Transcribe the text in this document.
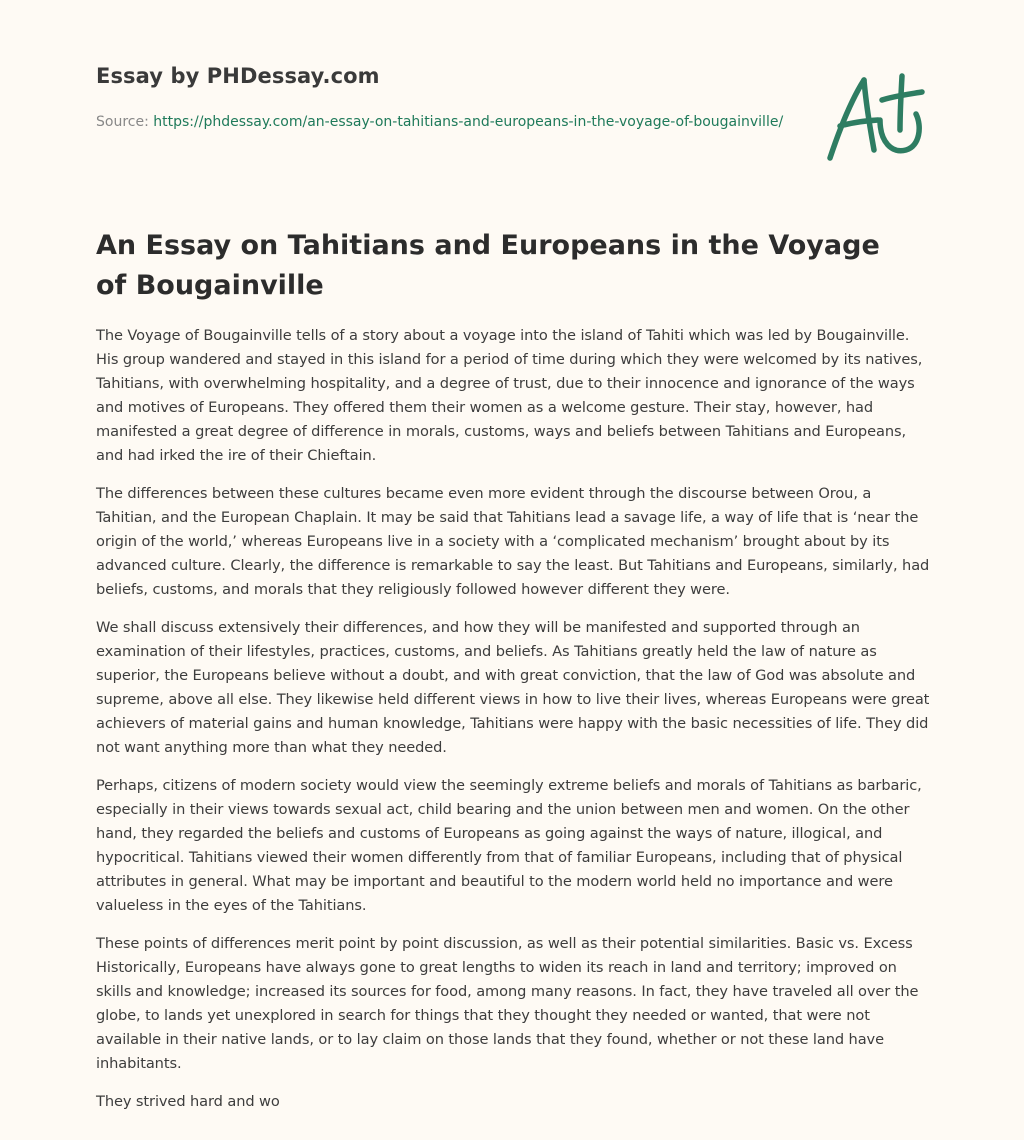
Essay by PHDessay.com
Source: https://phdessay.com/an-essay-on-tahitians-and-europeans-in-the-voyage-of-bougainville/
An Essay on Tahitians and Europeans in the Voyage of Bougainville

The Voyage of Bougainville tells of a story about a voyage into the island of Tahiti which was led by Bougainville. His group wandered and stayed in this island for a period of time during which they were welcomed by its natives, Tahitians, with overwhelming hospitality, and a degree of trust, due to their innocence and ignorance of the ways and motives of Europeans. They offered them their women as a welcome gesture. Their stay, however, had manifested a great degree of difference in morals, customs, ways and beliefs between Tahitians and Europeans, and had irked the ire of their Chieftain.

The differences between these cultures became even more evident through the discourse between Orou, a Tahitian, and the European Chaplain. It may be said that Tahitians lead a savage life, a way of life that is ‘near the origin of the world,’ whereas Europeans live in a society with a ‘complicated mechanism’ brought about by its advanced culture. Clearly, the difference is remarkable to say the least. But Tahitians and Europeans, similarly, had beliefs, customs, and morals that they religiously followed however different they were.

We shall discuss extensively their differences, and how they will be manifested and supported through an examination of their lifestyles, practices, customs, and beliefs. As Tahitians greatly held the law of nature as superior, the Europeans believe without a doubt, and with great conviction, that the law of God was absolute and supreme, above all else. They likewise held different views in how to live their lives, whereas Europeans were great achievers of material gains and human knowledge, Tahitians were happy with the basic necessities of life. They did not want anything more than what they needed.

Perhaps, citizens of modern society would view the seemingly extreme beliefs and morals of Tahitians as barbaric, especially in their views towards sexual act, child bearing and the union between men and women. On the other hand, they regarded the beliefs and customs of Europeans as going against the ways of nature, illogical, and hypocritical. Tahitians viewed their women differently from that of familiar Europeans, including that of physical attributes in general. What may be important and beautiful to the modern world held no importance and were valueless in the eyes of the Tahitians.

These points of differences merit point by point discussion, as well as their potential similarities. Basic vs. Excess Historically, Europeans have always gone to great lengths to widen its reach in land and territory; improved on skills and knowledge; increased its sources for food, among many reasons. In fact, they have traveled all over the globe, to lands yet unexplored in search for things that they thought they needed or wanted, that were not available in their native lands, or to lay claim on those lands that they found, whether or not these land have inhabitants.

They strived hard and wo
